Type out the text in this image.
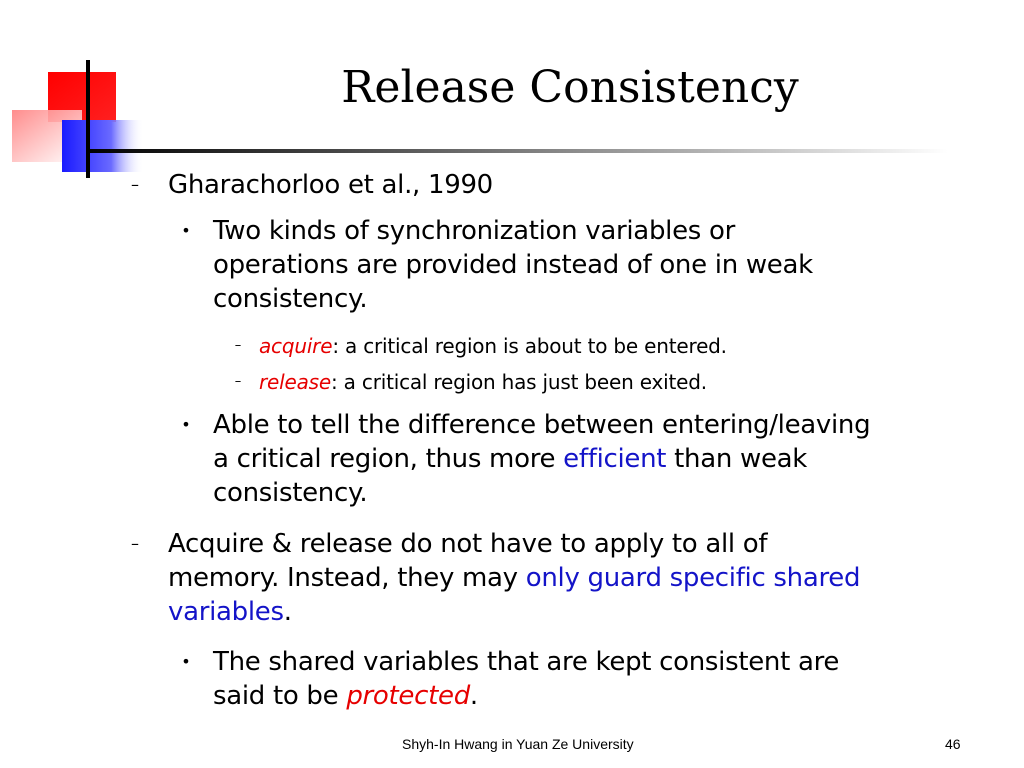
Release Consistency
– Gharachorloo et al., 1990
• Two kinds of synchronization variables or
operations are provided instead of one in weak
consistency.
– acquire: a critical region is about to be entered.
– release: a critical region has just been exited.
• Able to tell the difference between entering/leaving
a critical region, thus more efficient than weak
consistency.
– Acquire & release do not have to apply to all of
memory. Instead, they may only guard specific shared
variables.
• The shared variables that are kept consistent are
said to be protected.
Shyh-In Hwang in Yuan Ze University	46
